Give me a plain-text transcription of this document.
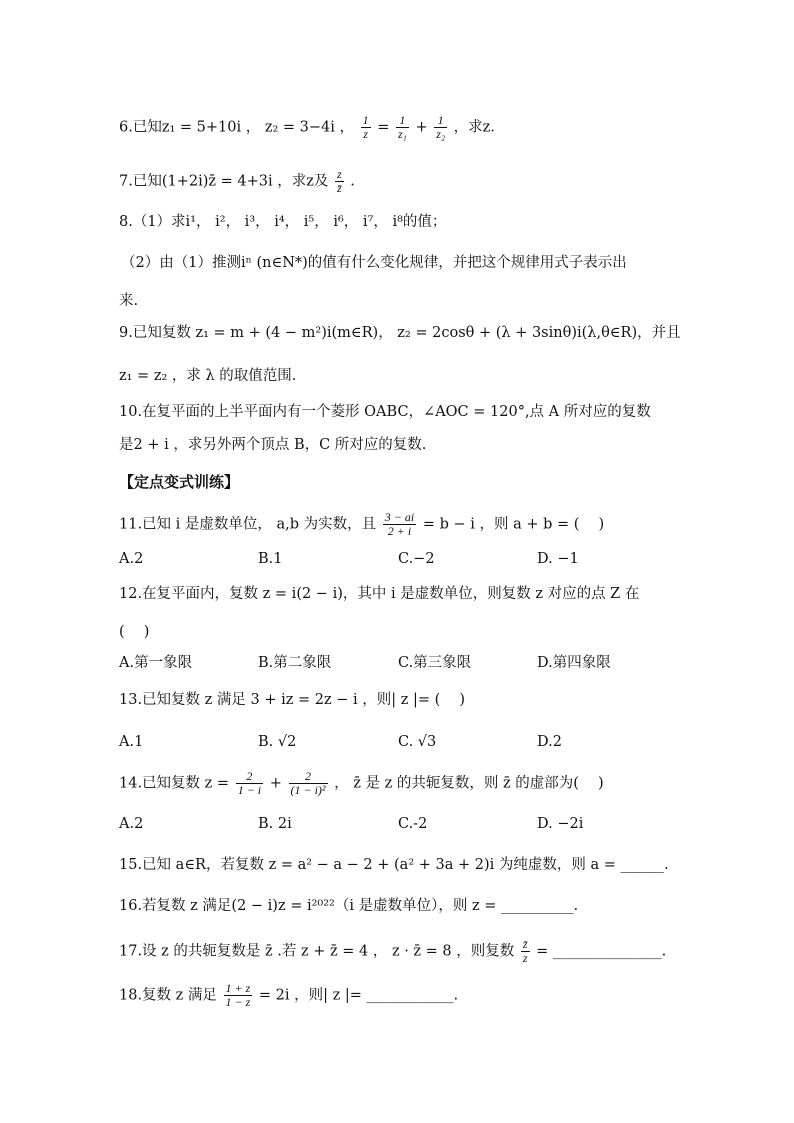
6.已知z₁ = 5+10i ， z₂ = 3−4i ， $\frac{1}{z} = \frac{1}{\text{z₁}} + \frac{1}{\text{z₂}}$ ，求z.
7.已知(1+2i)z̄ = 4+3i ，求z及 $\frac{z}{z̄}$ .
8.（1）求i¹， i²， i³， i⁴， i⁵， i⁶， i⁷， i⁸的值；
（2）由（1）推测iⁿ (n∈N*)的值有什么变化规律，并把这个规律用式子表示出
来.
9.已知复数 z₁ = m + (4 − m²)i(m∈R)， z₂ = 2cosθ + (λ + 3sinθ)i(λ,θ∈R)，并且
z₁ = z₂ ，求 λ 的取值范围.
10.在复平面的上半平面内有一个菱形 OABC，∠AOC = 120°,点 A 所对应的复数
是2 + i ，求另外两个顶点 B，C 所对应的复数.
【定点变式训练】
11.已知 i 是虚数单位， a,b 为实数，且 $\frac{3 - ai}{2 + i} = b - i$ ，则 a + b = (　 )
A.2	B.1	C.−2	D. −1
12.在复平面内，复数 z = i(2 − i)，其中 i 是虚数单位，则复数 z 对应的点 Z 在
(　 )
A.第一象限	B.第二象限	C.第三象限	D.第四象限
13.已知复数 z 满足 3 + iz = 2z − i ，则| z |= (　 )
A.1	B. √2	C. √3	D.2
14.已知复数 $z = \frac{2}{1 - i} + \frac{2}{\text{(1 − i)²}}$ ， z̄ 是 z 的共轭复数，则 z̄ 的虚部为(　 )
A.2	B. 2i	C.-2	D. −2i
15.已知 a∈R，若复数 z = a² − a − 2 + (a² + 3a + 2)i 为纯虚数，则 a = ______.
16.若复数 z 满足(2 − i)z = i²⁰²²（i 是虚数单位），则 z = __________.
17.设 z 的共轭复数是 z̄ .若 z + z̄ = 4 ， z · z̄ = 8 ，则复数 $\frac{z̄}{z}$ = _______________.
18.复数 z 满足 $\frac{1 + z}{1 - z} = 2i$ ，则| z |= ____________.
